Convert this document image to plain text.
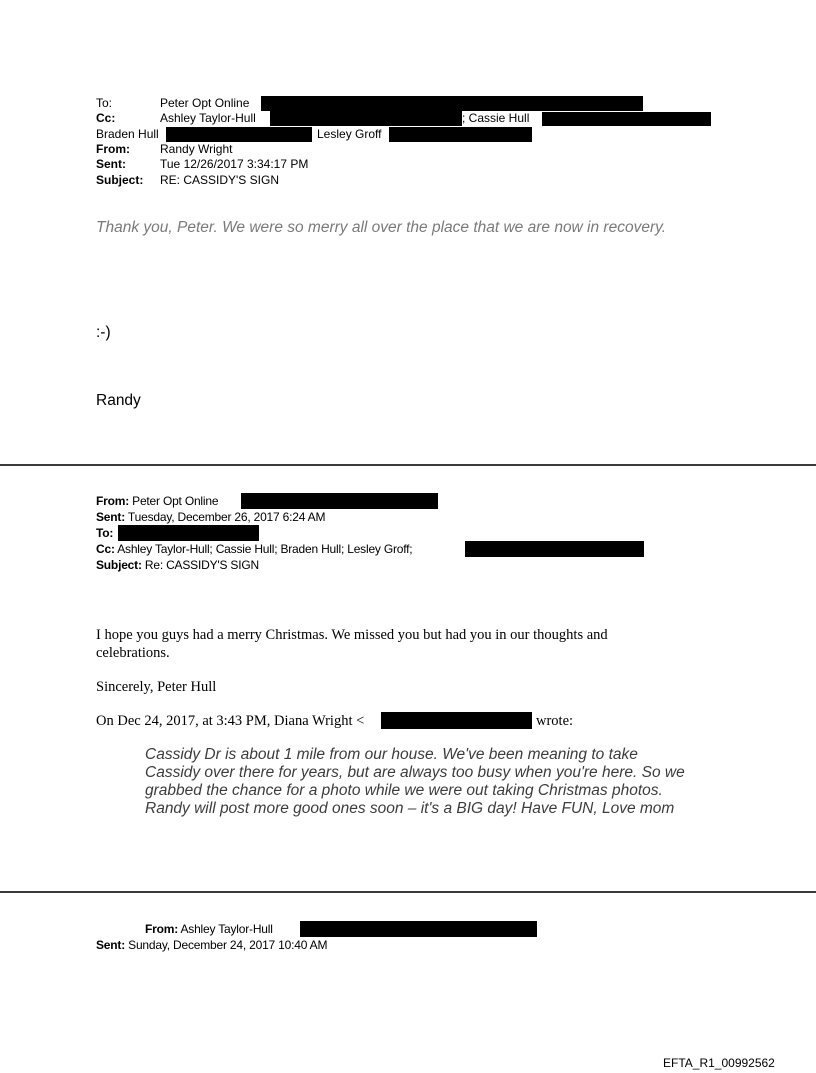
To:	Peter Opt Online
Cc:	Ashley Taylor-Hull	; Cassie Hull
Braden Hull	Lesley Groff
From:	Randy Wright
Sent:	Tue 12/26/2017 3:34:17 PM
Subject: RE: CASSIDY'S SIGN
Thank you, Peter. We were so merry all over the place that we are now in recovery.
:-)
Randy
From: Peter Opt Online
Sent: Tuesday, December 26, 2017 6:24 AM
To:
Cc: Ashley Taylor-Hull; Cassie Hull; Braden Hull; Lesley Groff;
Subject: Re: CASSIDY'S SIGN
I hope you guys had a merry Christmas. We missed you but had you in our thoughts and
celebrations.
Sincerely, Peter Hull
On Dec 24, 2017, at 3:43 PM, Diana Wright <	wrote:
Cassidy Dr is about 1 mile from our house. We've been meaning to take Cassidy over there for years, but are always too busy when you're here. So we grabbed the chance for a photo while we were out taking Christmas photos. Randy will post more good ones soon – it's a BIG day! Have FUN, Love mom
From: Ashley Taylor-Hull
Sent: Sunday, December 24, 2017 10:40 AM
EFTA_R1_00992562
